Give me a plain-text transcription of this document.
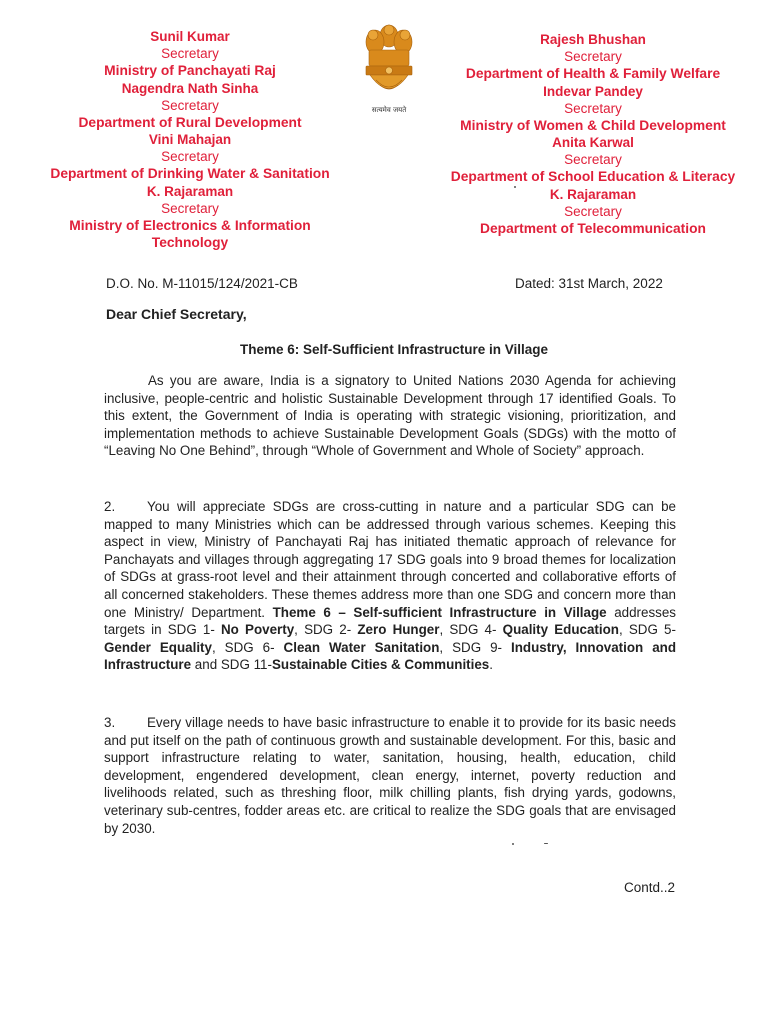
Sunil Kumar
Secretary
Ministry of Panchayati Raj
Nagendra Nath Sinha
Secretary
Department of Rural Development
Vini Mahajan
Secretary
Department of Drinking Water & Sanitation
K. Rajaraman
Secretary
Ministry of Electronics & Information Technology
सत्यमेव जयते
Rajesh Bhushan
Secretary
Department of Health & Family Welfare
Indevar Pandey
Secretary
Ministry of Women & Child Development
Anita Karwal
Secretary
Department of School Education & Literacy
K. Rajaraman
Secretary
Department of Telecommunication
D.O. No. M-11015/124/2021-CB	Dated: 31st March, 2022
Dear Chief Secretary,
Theme 6: Self-Sufficient Infrastructure in Village

As you are aware, India is a signatory to United Nations 2030 Agenda for achieving inclusive, people-centric and holistic Sustainable Development through 17 identified Goals. To this extent, the Government of India is operating with strategic visioning, prioritization, and implementation methods to achieve Sustainable Development Goals (SDGs) with the motto of “Leaving No One Behind”, through “Whole of Government and Whole of Society” approach.

2. You will appreciate SDGs are cross-cutting in nature and a particular SDG can be mapped to many Ministries which can be addressed through various schemes. Keeping this aspect in view, Ministry of Panchayati Raj has initiated thematic approach of relevance for Panchayats and villages through aggregating 17 SDG goals into 9 broad themes for localization of SDGs at grass-root level and their attainment through concerted and collaborative efforts of all concerned stakeholders. These themes address more than one SDG and concern more than one Ministry/ Department. Theme 6 – Self-sufficient Infrastructure in Village addresses targets in SDG 1- No Poverty, SDG 2- Zero Hunger, SDG 4- Quality Education, SDG 5- Gender Equality, SDG 6- Clean Water Sanitation, SDG 9- Industry, Innovation and Infrastructure and SDG 11-Sustainable Cities & Communities.

3. Every village needs to have basic infrastructure to enable it to provide for its basic needs and put itself on the path of continuous growth and sustainable development. For this, basic and support infrastructure relating to water, sanitation, housing, health, education, child development, engendered development, clean energy, internet, poverty reduction and livelihoods related, such as threshing floor, milk chilling plants, fish drying yards, godowns, veterinary sub-centres, fodder areas etc. are critical to realize the SDG goals that are envisaged by 2030.

Contd..2
